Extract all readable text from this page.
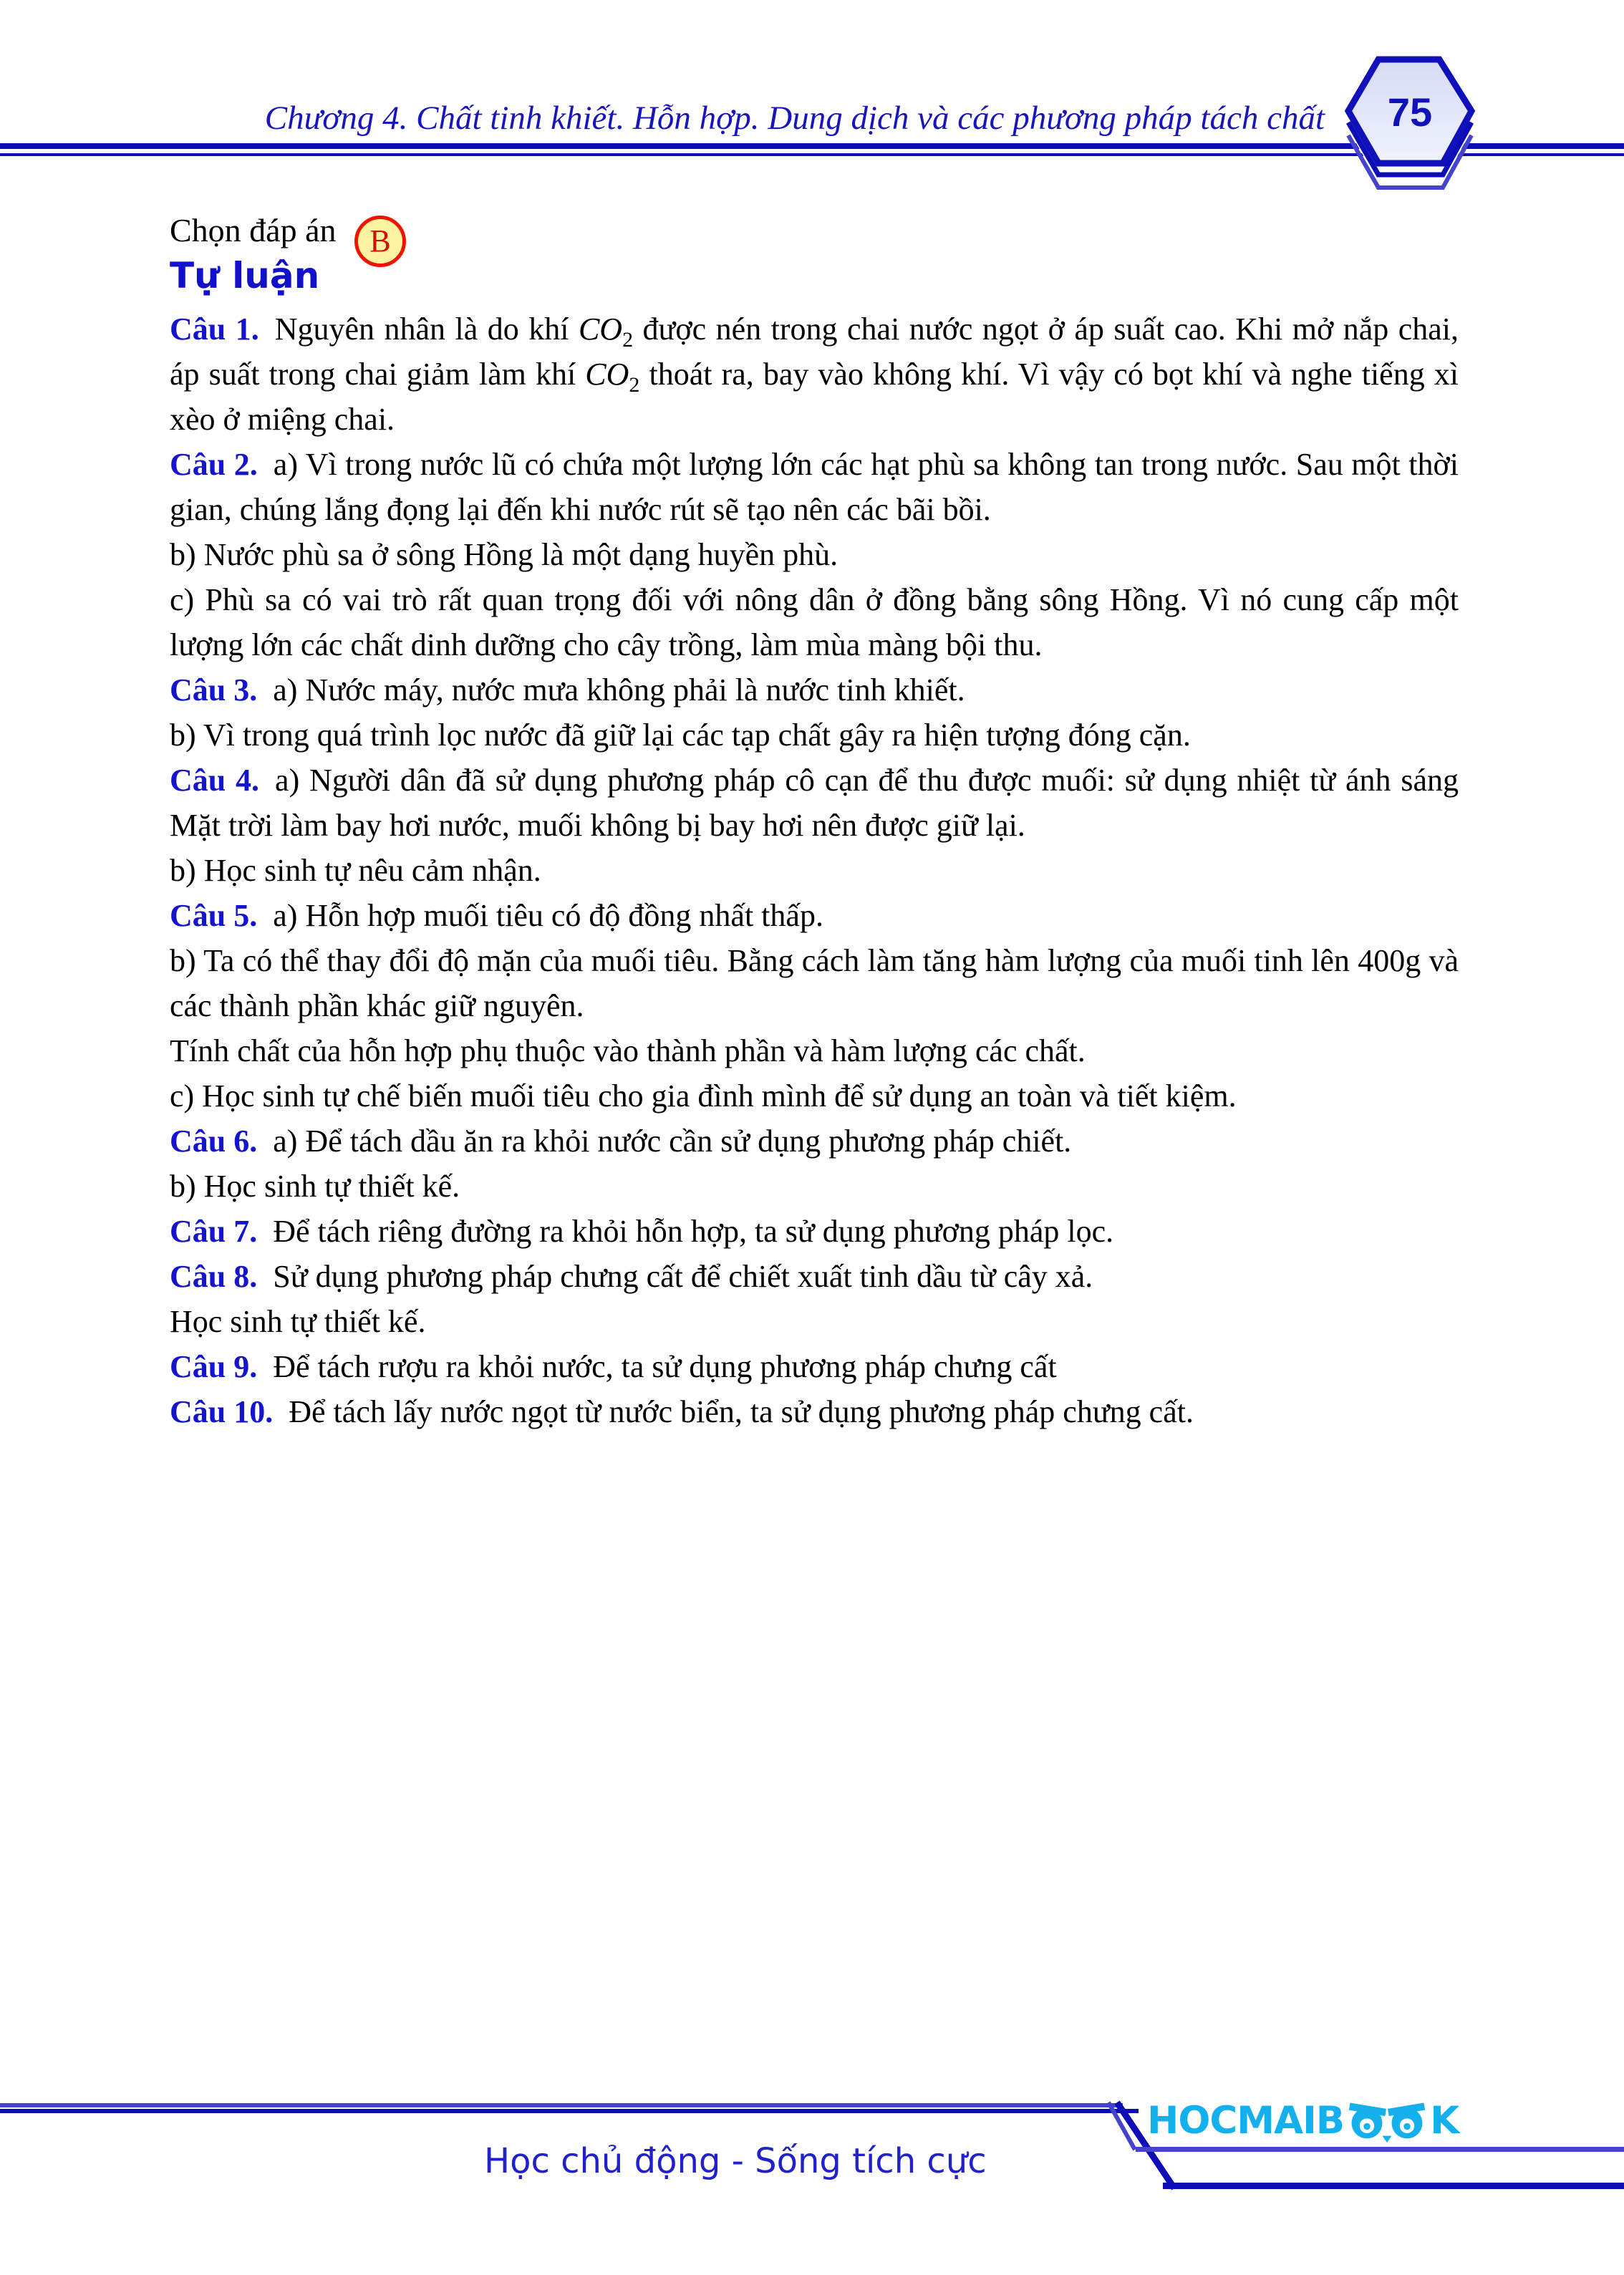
Chương 4. Chất tinh khiết. Hỗn hợp. Dung dịch và các phương pháp tách chất 75
Chọn đáp án B
Tự luận

Câu 1. Nguyên nhân là do khí $CO_2$ được nén trong chai nước ngọt ở áp suất cao. Khi mở nắp chai, áp suất trong chai giảm làm khí $CO_2$ thoát ra, bay vào không khí. Vì vậy có bọt khí và nghe tiếng xì xèo ở miệng chai.

Câu 2. a) Vì trong nước lũ có chứa một lượng lớn các hạt phù sa không tan trong nước. Sau một thời gian, chúng lắng đọng lại đến khi nước rút sẽ tạo nên các bãi bồi.

b) Nước phù sa ở sông Hồng là một dạng huyền phù.

c) Phù sa có vai trò rất quan trọng đối với nông dân ở đồng bằng sông Hồng. Vì nó cung cấp một lượng lớn các chất dinh dưỡng cho cây trồng, làm mùa màng bội thu.

Câu 3. a) Nước máy, nước mưa không phải là nước tinh khiết.

b) Vì trong quá trình lọc nước đã giữ lại các tạp chất gây ra hiện tượng đóng cặn.

Câu 4. a) Người dân đã sử dụng phương pháp cô cạn để thu được muối: sử dụng nhiệt từ ánh sáng Mặt trời làm bay hơi nước, muối không bị bay hơi nên được giữ lại.

b) Học sinh tự nêu cảm nhận.

Câu 5. a) Hỗn hợp muối tiêu có độ đồng nhất thấp.

b) Ta có thể thay đổi độ mặn của muối tiêu. Bằng cách làm tăng hàm lượng của muối tinh lên 400g và các thành phần khác giữ nguyên.

Tính chất của hỗn hợp phụ thuộc vào thành phần và hàm lượng các chất.

c) Học sinh tự chế biến muối tiêu cho gia đình mình để sử dụng an toàn và tiết kiệm.

Câu 6. a) Để tách dầu ăn ra khỏi nước cần sử dụng phương pháp chiết.

b) Học sinh tự thiết kế.

Câu 7. Để tách riêng đường ra khỏi hỗn hợp, ta sử dụng phương pháp lọc.

Câu 8. Sử dụng phương pháp chưng cất để chiết xuất tinh dầu từ cây xả.

Học sinh tự thiết kế.

Câu 9. Để tách rượu ra khỏi nước, ta sử dụng phương pháp chưng cất

Câu 10. Để tách lấy nước ngọt từ nước biển, ta sử dụng phương pháp chưng cất.

HOCMAIB K
Học chủ động - Sống tích cực
